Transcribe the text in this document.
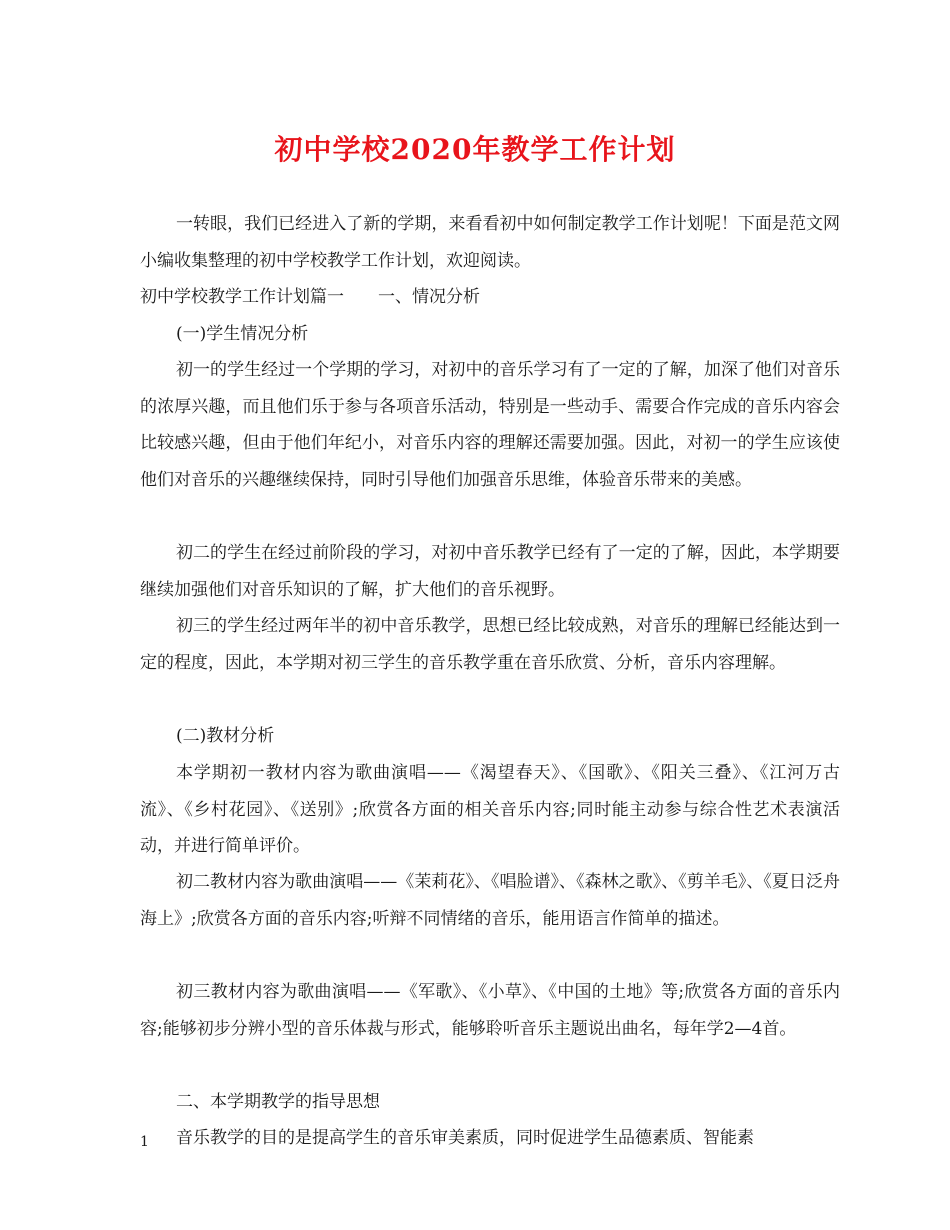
初中学校2020年教学工作计划
一转眼，我们已经进入了新的学期，来看看初中如何制定教学工作计划呢！下面是范文网小编收集整理的初中学校教学工作计划，欢迎阅读。
初中学校教学工作计划篇一　　一、情况分析
(一)学生情况分析
初一的学生经过一个学期的学习，对初中的音乐学习有了一定的了解，加深了他们对音乐的浓厚兴趣，而且他们乐于参与各项音乐活动，特别是一些动手、需要合作完成的音乐内容会比较感兴趣，但由于他们年纪小，对音乐内容的理解还需要加强。因此，对初一的学生应该使他们对音乐的兴趣继续保持，同时引导他们加强音乐思维，体验音乐带来的美感。
初二的学生在经过前阶段的学习，对初中音乐教学已经有了一定的了解，因此，本学期要继续加强他们对音乐知识的了解，扩大他们的音乐视野。
初三的学生经过两年半的初中音乐教学，思想已经比较成熟，对音乐的理解已经能达到一定的程度，因此，本学期对初三学生的音乐教学重在音乐欣赏、分析，音乐内容理解。
(二)教材分析
本学期初一教材内容为歌曲演唱——《渴望春天》、《国歌》、《阳关三叠》、《江河万古流》、《乡村花园》、《送别》;欣赏各方面的相关音乐内容;同时能主动参与综合性艺术表演活动，并进行简单评价。
初二教材内容为歌曲演唱——《茉莉花》、《唱脸谱》、《森林之歌》、《剪羊毛》、《夏日泛舟海上》;欣赏各方面的音乐内容;听辩不同情绪的音乐，能用语言作简单的描述。
初三教材内容为歌曲演唱——《军歌》、《小草》、《中国的土地》等;欣赏各方面的音乐内容;能够初步分辨小型的音乐体裁与形式，能够聆听音乐主题说出曲名，每年学2—4首。
二、本学期教学的指导思想
音乐教学的目的是提高学生的音乐审美素质，同时促进学生品德素质、智能素
1
